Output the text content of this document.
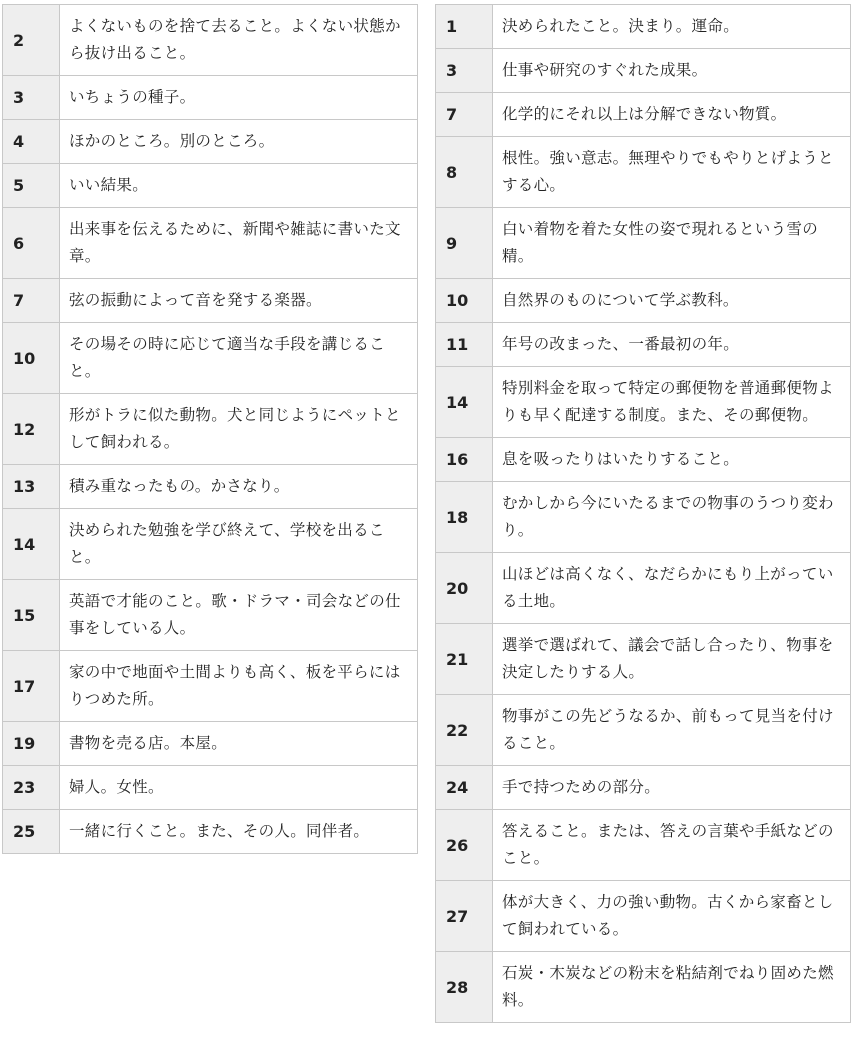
2	よくないものを捨て去ること。よくない状態から抜け出ること。
3	いちょうの種子。
4	ほかのところ。別のところ。
5	いい結果。
6	出来事を伝えるために、新聞や雑誌に書いた文章。
7	弦の振動によって音を発する楽器。
10	その場その時に応じて適当な手段を講じること。
12	形がトラに似た動物。犬と同じようにペットとして飼われる。
13	積み重なったもの。かさなり。
14	決められた勉強を学び終えて、学校を出ること。
15	英語で才能のこと。歌・ドラマ・司会などの仕事をしている人。
17	家の中で地面や土間よりも高く、板を平らにはりつめた所。
19	書物を売る店。本屋。
23	婦人。女性。
25	一緒に行くこと。また、その人。同伴者。
1	決められたこと。決まり。運命。
3	仕事や研究のすぐれた成果。
7	化学的にそれ以上は分解できない物質。
8	根性。強い意志。無理やりでもやりとげようとする心。
9	白い着物を着た女性の姿で現れるという雪の精。
10	自然界のものについて学ぶ教科。
11	年号の改まった、一番最初の年。
14	特別料金を取って特定の郵便物を普通郵便物よりも早く配達する制度。また、その郵便物。
16	息を吸ったりはいたりすること。
18	むかしから今にいたるまでの物事のうつり変わり。
20	山ほどは高くなく、なだらかにもり上がっている土地。
21	選挙で選ばれて、議会で話し合ったり、物事を決定したりする人。
22	物事がこの先どうなるか、前もって見当を付けること。
24	手で持つための部分。
26	答えること。または、答えの言葉や手紙などのこと。
27	体が大きく、力の強い動物。古くから家畜として飼われている。
28	石炭・木炭などの粉末を粘結剤でねり固めた燃料。
